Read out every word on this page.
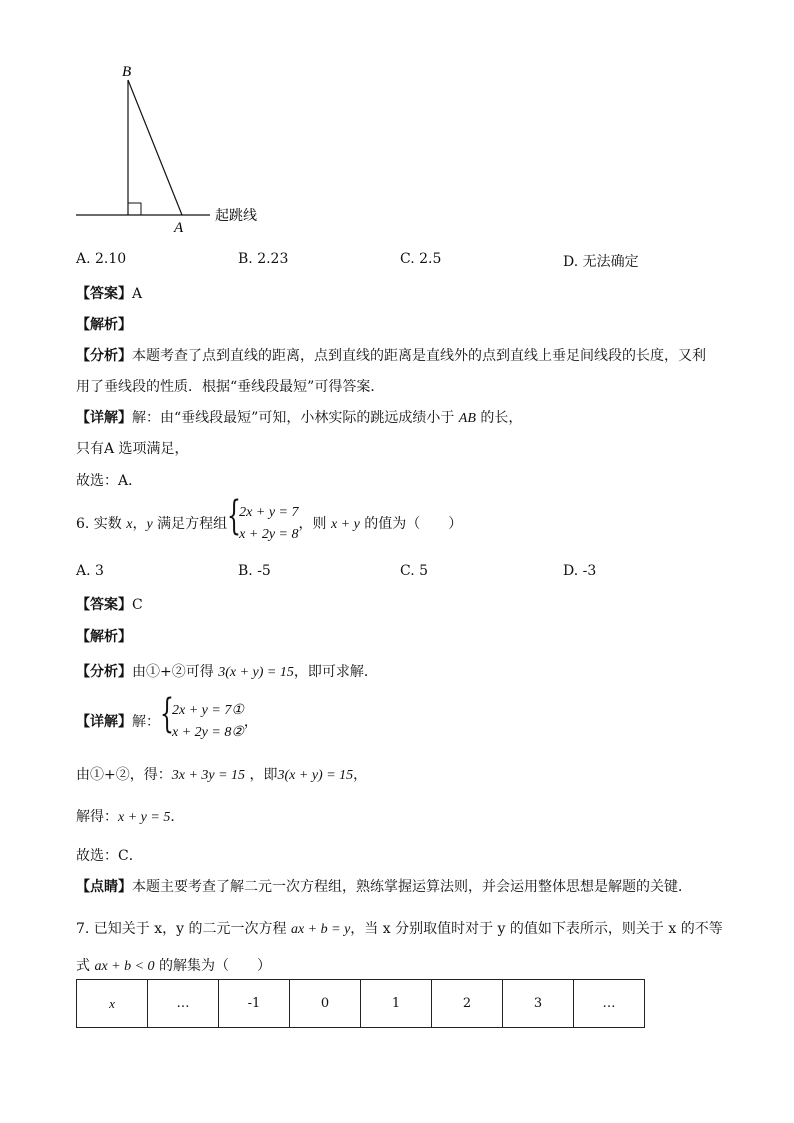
B
A
起跳线
A. 2.10	B. 2.23	C. 2.5	D. 无法确定
【答案】A
【解析】
【分析】本题考查了点到直线的距离，点到直线的距离是直线外的点到直线上垂足间线段的长度，又利
用了垂线段的性质．根据“垂线段最短”可得答案．
【详解】解：由“垂线段最短”可知，小林实际的跳远成绩小于 AB 的长，
只有A 选项满足，
故选：A．
6. 实数 x，y 满足方程组 {
2x + y = 7
x + 2y = 8
，则 x + y 的值为（　　）
A. 3	B. -5	C. 5	D. -3
【答案】C
【解析】
【分析】由①+②可得 3(x + y) = 15，即可求解．
【详解】解： {
2x + y = 7①
x + 2y = 8②
，
由①+②，得：3x + 3y = 15 ，即3(x + y) = 15，
解得：x + y = 5．
故选：C．
【点睛】本题主要考查了解二元一次方程组，熟练掌握运算法则，并会运用整体思想是解题的关键．
7. 已知关于 x，y 的二元一次方程 ax + b = y，当 x 分别取值时对于 y 的值如下表所示，则关于 x 的不等
式 ax + b < 0 的解集为（　　）
x	…	-1	0	1	2	3	…
